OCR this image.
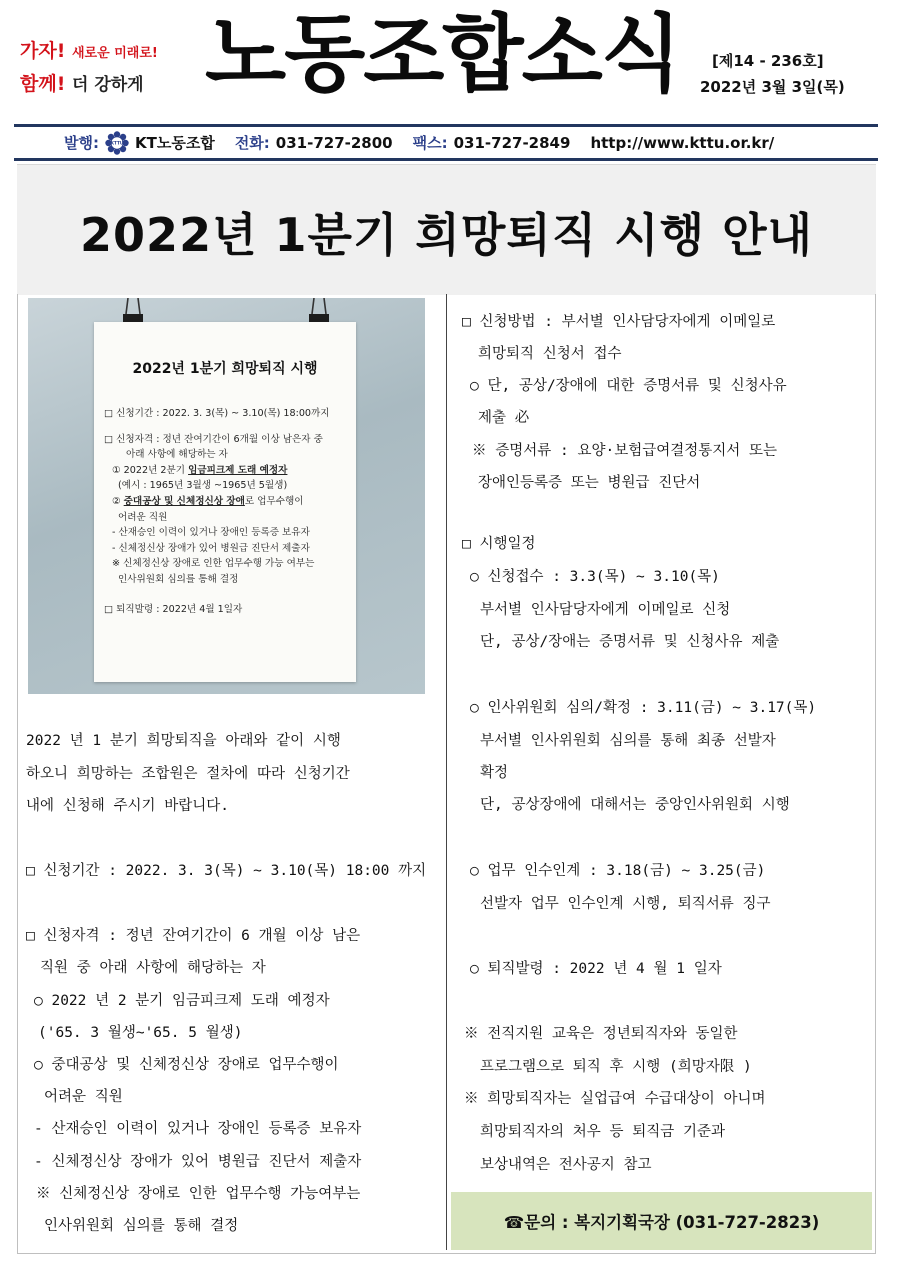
가자! 새로운 미래로!
함께! 더 강하게 노동조합소식	[제14 - 236호]
2022년 3월 3일(목)
발행:	KTTU KT노동조합 전화: 031-727-2800 팩스: 031-727-2849 http://www.kttu.or.kr/
2022년 1분기 희망퇴직 시행 안내
2022년 1분기 희망퇴직 시행
□ 신청기간 : 2022. 3. 3(목) ~ 3.10(목) 18:00까지
□ 신청자격 : 정년 잔여기간이 6개월 이상 남은자 중
아래 사항에 해당하는 자
① 2022년 2분기 임금피크제 도래 예정자
(예시 : 1965년 3월생 ~1965년 5월생)
② 중대공상 및 신체정신상 장애로 업무수행이
어려운 직원
- 산재승인 이력이 있거나 장애인 등록증 보유자
- 신체정신상 장애가 있어 병원급 진단서 제출자
※ 신체정신상 장애로 인한 업무수행 가능 여부는
인사위원회 심의를 통해 결정
□ 퇴직발령 : 2022년 4월 1일자
2022 년 1 분기 희망퇴직을 아래와 같이 시행
하오니 희망하는 조합원은 절차에 따라 신청기간
내에 신청해 주시기 바랍니다.
□ 신청기간 : 2022. 3. 3(목) ~ 3.10(목) 18:00 까지
□ 신청자격 : 정년 잔여기간이 6 개월 이상 남은
직원 중 아래 사항에 해당하는 자
○ 2022 년 2 분기 임금피크제 도래 예정자
('65. 3 월생~'65. 5 월생)
○ 중대공상 및 신체정신상 장애로 업무수행이
어려운 직원
- 산재승인 이력이 있거나 장애인 등록증 보유자
- 신체정신상 장애가 있어 병원급 진단서 제출자
※ 신체정신상 장애로 인한 업무수행 가능여부는
인사위원회 심의를 통해 결정
□ 신청방법 : 부서별 인사담당자에게 이메일로
희망퇴직 신청서 접수
○ 단, 공상/장애에 대한 증명서류 및 신청사유
제출 必
※ 증명서류 : 요양·보험급여결정통지서 또는
장애인등록증 또는 병원급 진단서
□ 시행일정
○ 신청접수 : 3.3(목) ~ 3.10(목)
부서별 인사담당자에게 이메일로 신청
단, 공상/장애는 증명서류 및 신청사유 제출
○ 인사위원회 심의/확정 : 3.11(금) ~ 3.17(목)
부서별 인사위원회 심의를 통해 최종 선발자
확정
단, 공상장애에 대해서는 중앙인사위원회 시행
○ 업무 인수인계 : 3.18(금) ~ 3.25(금)
선발자 업무 인수인계 시행, 퇴직서류 징구
○ 퇴직발령 : 2022 년 4 월 1 일자
※ 전직지원 교육은 정년퇴직자와 동일한
프로그램으로 퇴직 후 시행 (희망자限 )
※ 희망퇴직자는 실업급여 수급대상이 아니며
희망퇴직자의 처우 등 퇴직금 기준과
보상내역은 전사공지 참고
☎문의 : 복지기획국장 (031-727-2823)
